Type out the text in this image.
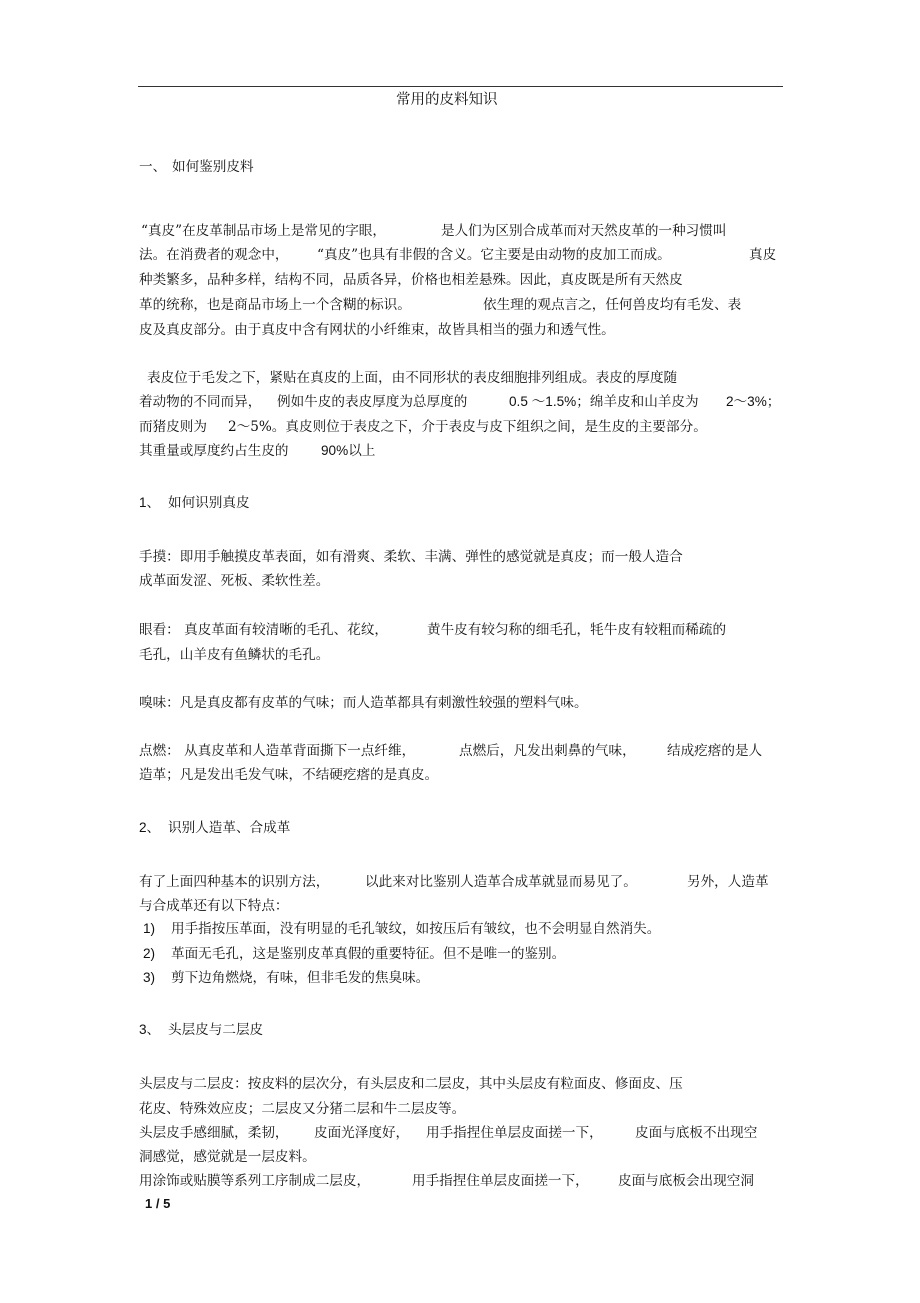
常用的皮料知识

一、 如何鉴别皮料

“真皮”在皮革制品市场上是常见的字眼，	是人们为区别合成革而对天然皮革的一种习惯叫

法。在消费者的观念中， “真皮”也具有非假的含义。它主要是由动物的皮加工而成。	真皮

种类繁多，品种多样，结构不同，品质各异，价格也相差悬殊。因此，真皮既是所有天然皮

革的统称，也是商品市场上一个含糊的标识。	依生理的观点言之，任何兽皮均有毛发、表

皮及真皮部分。由于真皮中含有网状的小纤维束，故皆具相当的强力和透气性。

表皮位于毛发之下，紧贴在真皮的上面，由不同形状的表皮细胞排列组成。表皮的厚度随

着动物的不同而异， 例如牛皮的表皮厚度为总厚度的	0.5 ～1.5%；绵羊皮和山羊皮为 2～3%；

而猪皮则为 2～5%。真皮则位于表皮之下，介于表皮与皮下组织之间，是生皮的主要部分。

其重量或厚度约占生皮的 90%以上

1、 如何识别真皮

手摸：即用手触摸皮革表面，如有滑爽、柔软、丰满、弹性的感觉就是真皮；而一般人造合

成革面发涩、死板、柔软性差。

眼看： 真皮革面有较清晰的毛孔、花纹，	黄牛皮有较匀称的细毛孔，牦牛皮有较粗而稀疏的

毛孔，山羊皮有鱼鳞状的毛孔。

嗅味：凡是真皮都有皮革的气味；而人造革都具有刺激性较强的塑料气味。

点燃： 从真皮革和人造革背面撕下一点纤维，	点燃后，凡发出刺鼻的气味， 结成疙瘩的是人

造革；凡是发出毛发气味，不结硬疙瘩的是真皮。

2、 识别人造革、合成革

有了上面四种基本的识别方法，	以此来对比鉴别人造革合成革就显而易见了。	另外，人造革

与合成革还有以下特点：

1) 用手指按压革面，没有明显的毛孔皱纹，如按压后有皱纹，也不会明显自然消失。

2) 革面无毛孔，这是鉴别皮革真假的重要特征。但不是唯一的鉴别。

3) 剪下边角燃烧，有味，但非毛发的焦臭味。

3、 头层皮与二层皮

头层皮与二层皮：按皮料的层次分，有头层皮和二层皮，其中头层皮有粒面皮、修面皮、压

花皮、特殊效应皮；二层皮又分猪二层和牛二层皮等。

头层皮手感细腻，柔韧， 皮面光泽度好， 用手指捏住单层皮面搓一下， 皮面与底板不出现空

洞感觉，感觉就是一层皮料。

用涂饰或贴膜等系列工序制成二层皮，	用手指捏住单层皮面搓一下， 皮面与底板会出现空洞

1 / 5
